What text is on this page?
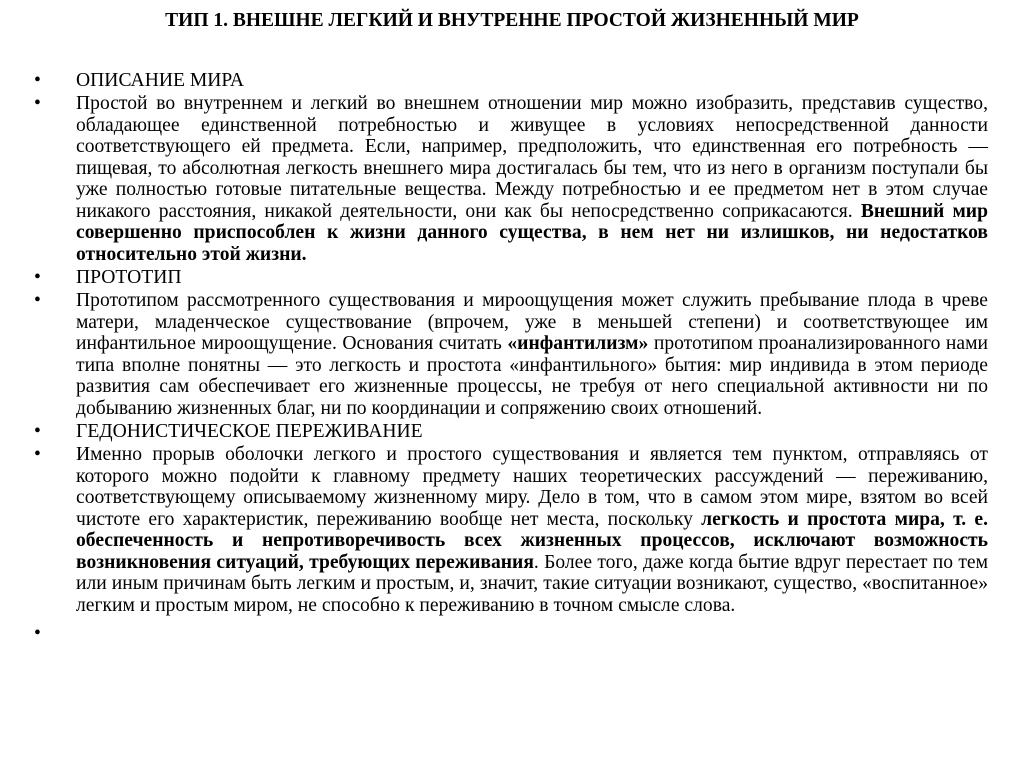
ТИП 1. ВНЕШНЕ ЛЕГКИЙ И ВНУТРЕННЕ ПРОСТОЙ ЖИЗНЕННЫЙ МИР
•	ОПИСАНИЕ МИРА
•	Простой во внутреннем и легкий во внешнем отношении мир можно изобразить, представив существо, обладающее единственной потребностью и живущее в условиях непосредственной данности соответствующего ей предмета. Если, например, предположить, что единственная его потребность — пищевая, то абсолютная легкость внешнего мира достигалась бы тем, что из него в организм поступали бы уже полностью готовые питательные вещества. Между потребностью и ее предметом нет в этом случае никакого расстояния, никакой деятельности, они как бы непосредственно соприкасаются. Внешний мир совершенно приспособлен к жизни данного существа, в нем нет ни излишков, ни недостатков относительно этой жизни.
•	ПРОТОТИП
•	Прототипом рассмотренного существования и мироощущения может служить пребывание плода в чреве матери, младенческое существование (впрочем, уже в меньшей степени) и соответствующее им инфантильное мироощущение. Основания считать «инфантилизм» прототипом проанализированного нами типа вполне понятны — это легкость и простота «инфантильного» бытия: мир индивида в этом периоде развития сам обеспечивает его жизненные процессы, не требуя от него специальной активности ни по добыванию жизненных благ, ни по координации и сопряжению своих отношений.
•	ГЕДОНИСТИЧЕСКОЕ ПЕРЕЖИВАНИЕ
•	Именно прорыв оболочки легкого и простого существования и является тем пунктом, отправляясь от которого можно подойти к главному предмету наших теоретических рассуждений — переживанию, соответствующему описываемому жизненному миру. Дело в том, что в самом этом мире, взятом во всей чистоте его характеристик, переживанию вообще нет места, поскольку легкость и простота мира, т. е. обеспеченность и непротиворечивость всех жизненных процессов, исключают возможность возникновения ситуаций, требующих переживания. Более того, даже когда бытие вдруг перестает по тем или иным причинам быть легким и простым, и, значит, такие ситуации возникают, существо, «воспитанное» легким и простым миром, не способно к переживанию в точном смысле слова.
•
